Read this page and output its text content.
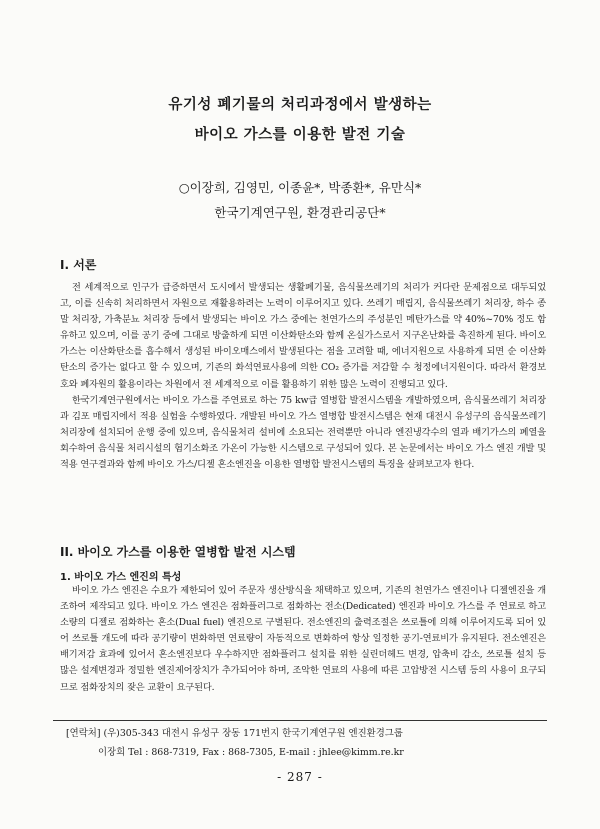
유기성 폐기물의 처리과정에서 발생하는
바이오 가스를 이용한 발전 기술
○이장희, 김영민, 이종윤*, 박종환*, 유만식*
한국기계연구원, 환경관리공단*
I. 서론

전 세계적으로 인구가 급증하면서 도시에서 발생되는 생활폐기물, 음식물쓰레기의 처리가 커다란 문제점으로 대두되었고, 이를 신속히 처리하면서 자원으로 재활용하려는 노력이 이루어지고 있다. 쓰레기 매립지, 음식물쓰레기 처리장, 하수 종말 처리장, 가축분뇨 처리장 등에서 발생되는 바이오 가스 중에는 천연가스의 주성분인 메탄가스를 약 40%~70% 정도 함유하고 있으며, 이를 공기 중에 그대로 방출하게 되면 이산화탄소와 함께 온실가스로서 지구온난화를 촉진하게 된다. 바이오 가스는 이산화탄소를 흡수해서 생성된 바이오매스에서 발생된다는 점을 고려할 때, 에너지원으로 사용하게 되면 순 이산화탄소의 증가는 없다고 할 수 있으며, 기존의 화석연료사용에 의한 CO₂ 증가를 저감할 수 청정에너지원이다. 따라서 환경보호와 폐자원의 활용이라는 차원에서 전 세계적으로 이를 활용하기 위한 많은 노력이 진행되고 있다.

한국기계연구원에서는 바이오 가스를 주연료로 하는 75 kw급 열병합 발전시스템을 개발하였으며, 음식물쓰레기 처리장과 김포 매립지에서 적용 실험을 수행하였다. 개발된 바이오 가스 열병합 발전시스템은 현재 대전시 유성구의 음식물쓰레기 처리장에 설치되어 운행 중에 있으며, 음식물처리 설비에 소요되는 전력뿐만 아니라 엔진냉각수의 열과 배기가스의 폐열을 회수하여 음식물 처리시설의 혐기소화조 가온이 가능한 시스템으로 구성되어 있다. 본 논문에서는 바이오 가스 엔진 개발 및 적용 연구결과와 함께 바이오 가스/디젤 혼소엔진을 이용한 열병합 발전시스템의 특징을 살펴보고자 한다.

II. 바이오 가스를 이용한 열병합 발전 시스템
1. 바이오 가스 엔진의 특성

바이오 가스 엔진은 수요가 제한되어 있어 주문자 생산방식을 채택하고 있으며, 기존의 천연가스 엔진이나 디젤엔진을 개조하여 제작되고 있다. 바이오 가스 엔진은 점화플러그로 점화하는 전소(Dedicated) 엔진과 바이오 가스를 주 연료로 하고 소량의 디젤로 점화하는 혼소(Dual fuel) 엔진으로 구별된다. 전소엔진의 출력조절은 쓰로틀에 의해 이루어지도록 되어 있어 쓰로틀 개도에 따라 공기량이 변화하면 연료량이 자동적으로 변화하여 항상 일정한 공기-연료비가 유지된다. 전소엔진은 배기저감 효과에 있어서 혼소엔진보다 우수하지만 점화플러그 설치를 위한 실린더헤드 변경, 압축비 감소, 쓰로틀 설치 등 많은 설계변경과 정밀한 엔진제어장치가 추가되어야 하며, 조악한 연료의 사용에 따른 고압방전 시스템 등의 사용이 요구되므로 점화장치의 잦은 교환이 요구된다.

[연락처] (우)305-343 대전시 유성구 장동 171번지 한국기계연구원 엔진환경그룹
이장희 Tel : 868-7319, Fax : 868-7305, E-mail : jhlee@kimm.re.kr
- 287 -
